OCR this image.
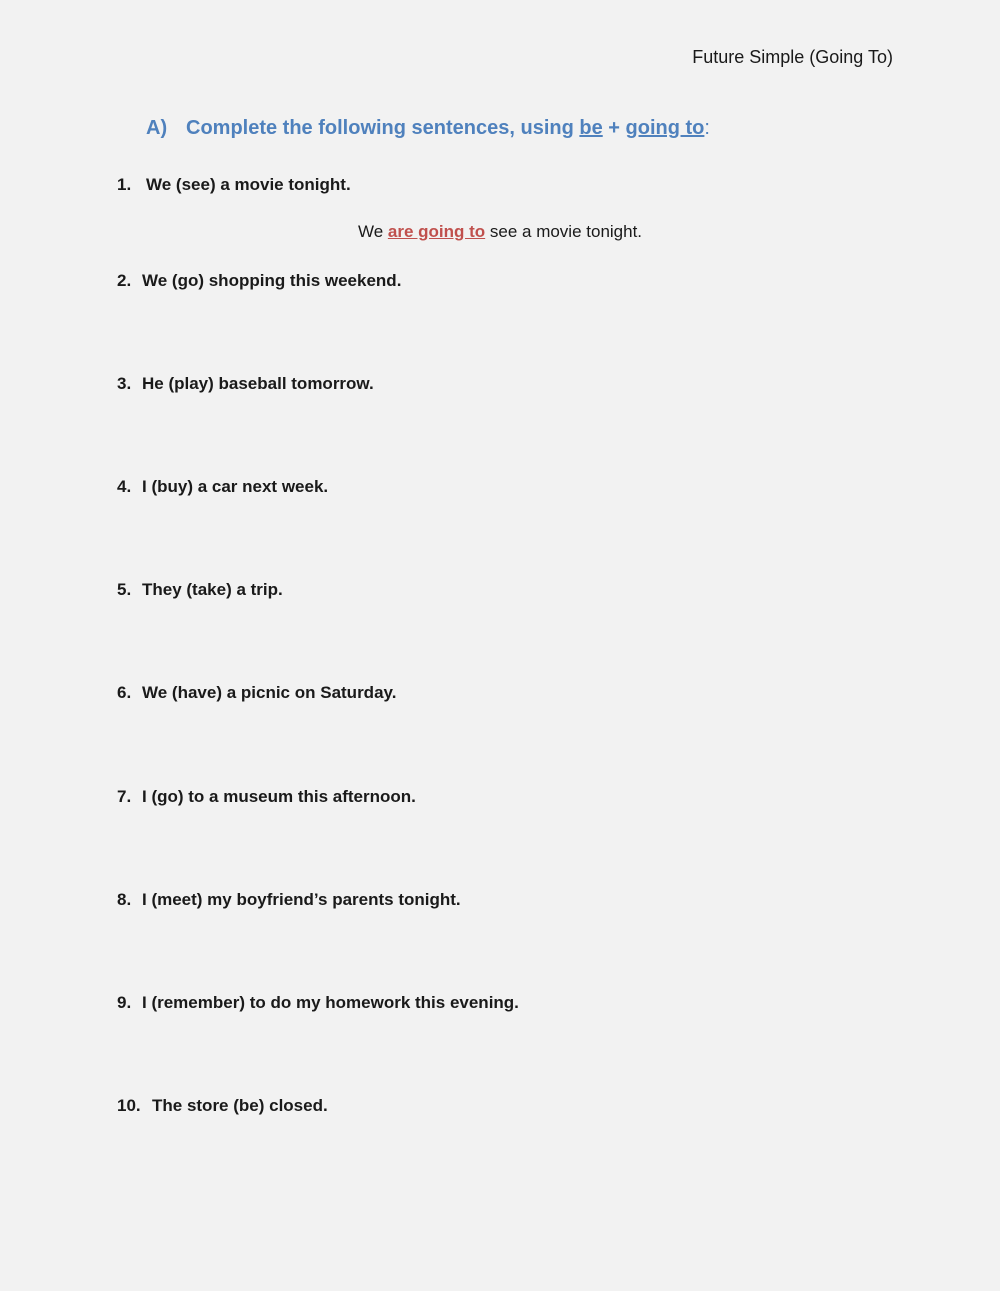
Future Simple (Going To)
A) Complete the following sentences, using be + going to:
1. We (see) a movie tonight.
We are going to see a movie tonight.
2. We (go) shopping this weekend.
3. He (play) baseball tomorrow.
4. I (buy) a car next week.
5. They (take) a trip.
6. We (have) a picnic on Saturday.
7. I (go) to a museum this afternoon.
8. I (meet) my boyfriend’s parents tonight.
9. I (remember) to do my homework this evening.
10. The store (be) closed.
